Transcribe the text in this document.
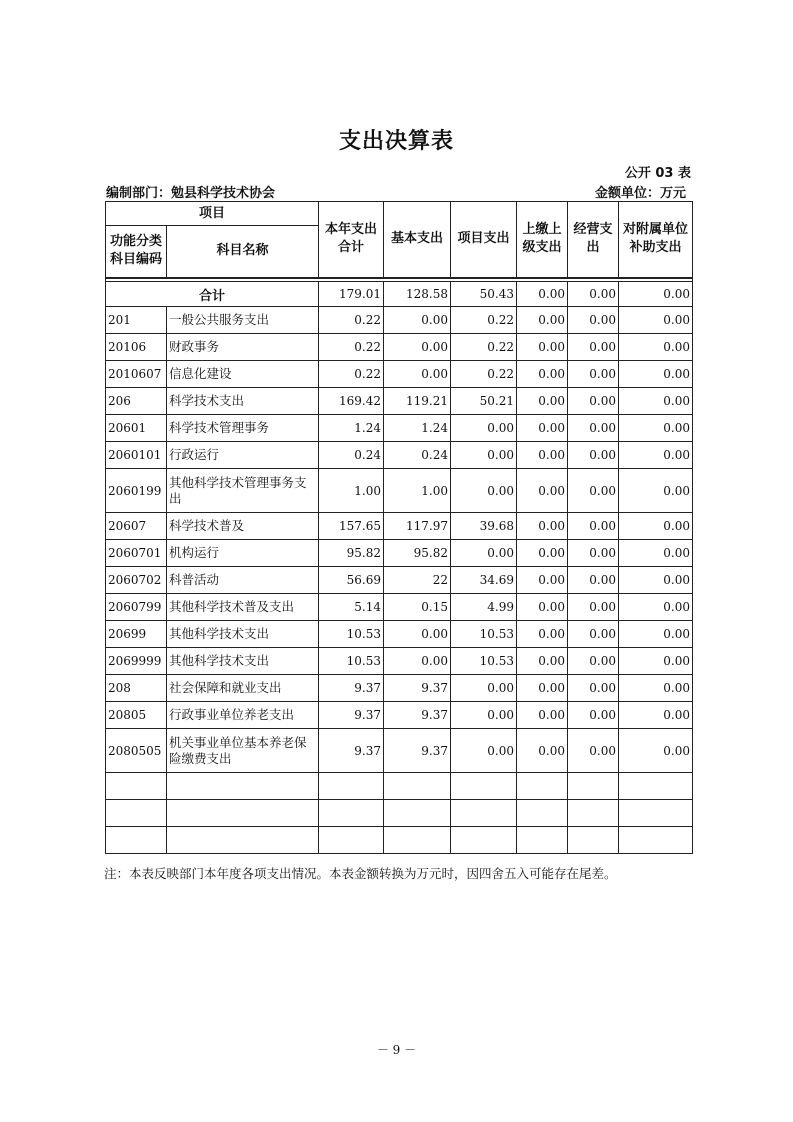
支出决算表
公开 03 表
编制部门：勉县科学技术协会	金额单位：万元
项目		本年支出合计	基本支出	项目支出	上缴上级支出	经营支出	对附属单位补助支出
功能分类科目编码	科目名称						

合计		179.01	128.58	50.43	0.00	0.00	0.00
201	一般公共服务支出	0.22	0.00	0.22	0.00	0.00	0.00
20106	财政事务	0.22	0.00	0.22	0.00	0.00	0.00
2010607	信息化建设	0.22	0.00	0.22	0.00	0.00	0.00
206	科学技术支出	169.42	119.21	50.21	0.00	0.00	0.00
20601	科学技术管理事务	1.24	1.24	0.00	0.00	0.00	0.00
2060101	行政运行	0.24	0.24	0.00	0.00	0.00	0.00
2060199	其他科学技术管理事务支出	1.00	1.00	0.00	0.00	0.00	0.00
20607	科学技术普及	157.65	117.97	39.68	0.00	0.00	0.00
2060701	机构运行	95.82	95.82	0.00	0.00	0.00	0.00
2060702	科普活动	56.69	22	34.69	0.00	0.00	0.00
2060799	其他科学技术普及支出	5.14	0.15	4.99	0.00	0.00	0.00
20699	其他科学技术支出	10.53	0.00	10.53	0.00	0.00	0.00
2069999	其他科学技术支出	10.53	0.00	10.53	0.00	0.00	0.00
208	社会保障和就业支出	9.37	9.37	0.00	0.00	0.00	0.00
20805	行政事业单位养老支出	9.37	9.37	0.00	0.00	0.00	0.00
2080505	机关事业单位基本养老保险缴费支出	9.37	9.37	0.00	0.00	0.00	0.00

注：本表反映部门本年度各项支出情况。本表金额转换为万元时，因四舍五入可能存在尾差。
－ 9 －
